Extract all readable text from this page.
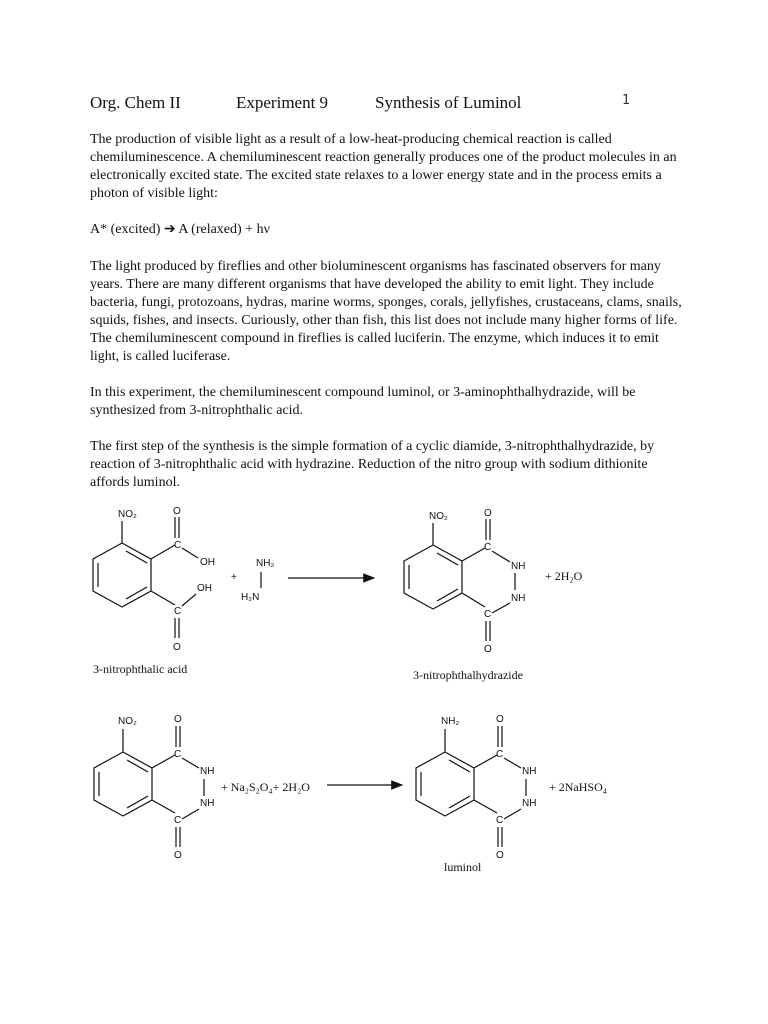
Org. Chem II	Experiment 9	Synthesis of Luminol	1

The production of visible light as a result of a low-heat-producing chemical reaction is called chemiluminescence. A chemiluminescent reaction generally produces one of the product molecules in an electronically excited state. The excited state relaxes to a lower energy state and in the process emits a photon of visible light:

A* (excited) ➔ A (relaxed) + hν

The light produced by fireflies and other bioluminescent organisms has fascinated observers for many years. There are many different organisms that have developed the ability to emit light. They include bacteria, fungi, protozoans, hydras, marine worms, sponges, corals, jellyfishes, crustaceans, clams, snails, squids, fishes, and insects. Curiously, other than fish, this list does not include many higher forms of life. The chemiluminescent compound in fireflies is called luciferin. The enzyme, which induces it to emit light, is called luciferase.

In this experiment, the chemiluminescent compound luminol, or 3-aminophthalhydrazide, will be synthesized from 3-nitrophthalic acid.

The first step of the synthesis is the simple formation of a cyclic diamide, 3-nitrophthalhydrazide, by reaction of 3-nitrophthalic acid with hydrazine. Reduction of the nitro group with sodium dithionite affords luminol.

NO₂
C
O
OH
C
OH
O
+
NH₂
H₂N
NO₂
C
O
NH
NH
C
O
+ 2H₂O
3-nitrophthalic acid	3-nitrophthalhydrazide
NO₂
C
O
NH
NH
C
O
+ Na₂S₂O₄+ 2H₂O
NH₂
C
O
NH
NH
C
O
+ 2NaHSO₄
luminol
